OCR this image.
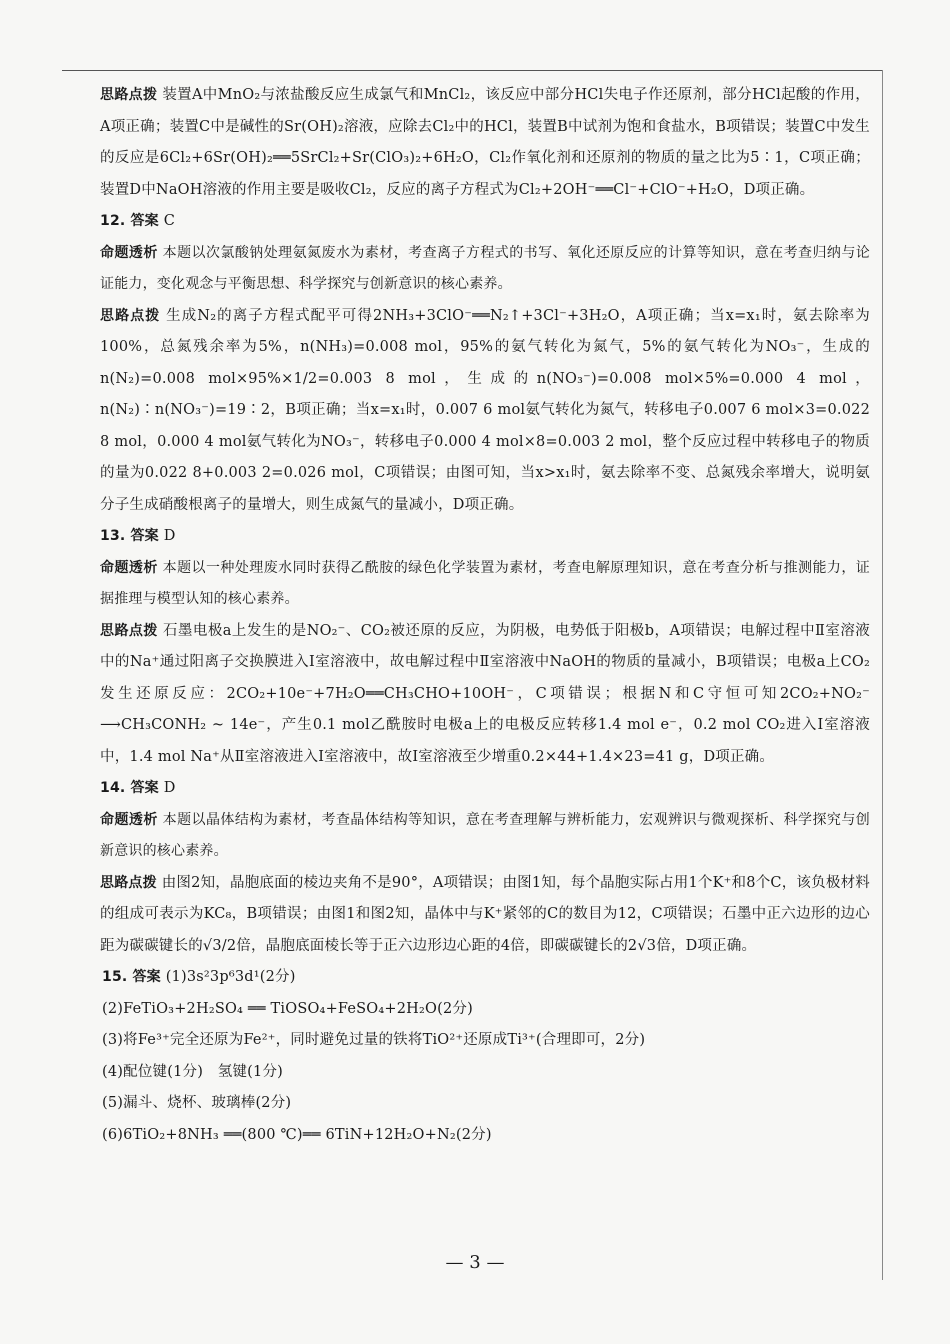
思路点拨 装置A中MnO₂与浓盐酸反应生成氯气和MnCl₂，该反应中部分HCl失电子作还原剂，部分HCl起酸的作用，A项正确；装置C中是碱性的Sr(OH)₂溶液，应除去Cl₂中的HCl，装置B中试剂为饱和食盐水，B项错误；装置C中发生的反应是6Cl₂+6Sr(OH)₂══5SrCl₂+Sr(ClO₃)₂+6H₂O，Cl₂作氧化剂和还原剂的物质的量之比为5∶1，C项正确；装置D中NaOH溶液的作用主要是吸收Cl₂，反应的离子方程式为Cl₂+2OH⁻══Cl⁻+ClO⁻+H₂O，D项正确。

12. 答案 C

命题透析 本题以次氯酸钠处理氨氮废水为素材，考查离子方程式的书写、氧化还原反应的计算等知识，意在考查归纳与论证能力，变化观念与平衡思想、科学探究与创新意识的核心素养。

思路点拨 生成N₂的离子方程式配平可得2NH₃+3ClO⁻══N₂↑+3Cl⁻+3H₂O，A项正确；当x=x₁时，氨去除率为100%，总氮残余率为5%，n(NH₃)=0.008 mol，95%的氨气转化为氮气，5%的氨气转化为NO₃⁻，生成的n(N₂)=0.008 mol×95%×1/2=0.003 8 mol，生成的n(NO₃⁻)=0.008 mol×5%=0.000 4 mol，n(N₂)∶n(NO₃⁻)=19∶2，B项正确；当x=x₁时，0.007 6 mol氨气转化为氮气，转移电子0.007 6 mol×3=0.022 8 mol，0.000 4 mol氨气转化为NO₃⁻，转移电子0.000 4 mol×8=0.003 2 mol，整个反应过程中转移电子的物质的量为0.022 8+0.003 2=0.026 mol，C项错误；由图可知，当x>x₁时，氨去除率不变、总氮残余率增大，说明氨分子生成硝酸根离子的量增大，则生成氮气的量减小，D项正确。

13. 答案 D

命题透析 本题以一种处理废水同时获得乙酰胺的绿色化学装置为素材，考查电解原理知识，意在考查分析与推测能力，证据推理与模型认知的核心素养。

思路点拨 石墨电极a上发生的是NO₂⁻、CO₂被还原的反应，为阴极，电势低于阳极b，A项错误；电解过程中Ⅱ室溶液中的Na⁺通过阳离子交换膜进入Ⅰ室溶液中，故电解过程中Ⅱ室溶液中NaOH的物质的量减小，B项错误；电极a上CO₂发生还原反应：2CO₂+10e⁻+7H₂O══CH₃CHO+10OH⁻，C项错误；根据N和C守恒可知2CO₂+NO₂⁻ ⟶CH₃CONH₂ ~ 14e⁻，产生0.1 mol乙酰胺时电极a上的电极反应转移1.4 mol e⁻，0.2 mol CO₂进入Ⅰ室溶液中，1.4 mol Na⁺从Ⅱ室溶液进入Ⅰ室溶液中，故Ⅰ室溶液至少增重0.2×44+1.4×23=41 g，D项正确。

14. 答案 D

命题透析 本题以晶体结构为素材，考查晶体结构等知识，意在考查理解与辨析能力，宏观辨识与微观探析、科学探究与创新意识的核心素养。

思路点拨 由图2知，晶胞底面的棱边夹角不是90°，A项错误；由图1知，每个晶胞实际占用1个K⁺和8个C，该负极材料的组成可表示为KC₈，B项错误；由图1和图2知，晶体中与K⁺紧邻的C的数目为12，C项错误；石墨中正六边形的边心距为碳碳键长的√3/2倍，晶胞底面棱长等于正六边形边心距的4倍，即碳碳键长的2√3倍，D项正确。

15. 答案 (1)3s²3p⁶3d¹(2分)

(2)FeTiO₃+2H₂SO₄ ══ TiOSO₄+FeSO₄+2H₂O(2分)

(3)将Fe³⁺完全还原为Fe²⁺，同时避免过量的铁将TiO²⁺还原成Ti³⁺(合理即可，2分)

(4)配位键(1分)　氢键(1分)

(5)漏斗、烧杯、玻璃棒(2分)

(6)6TiO₂+8NH₃ ══(800 ℃)══ 6TiN+12H₂O+N₂(2分)

— 3 —
